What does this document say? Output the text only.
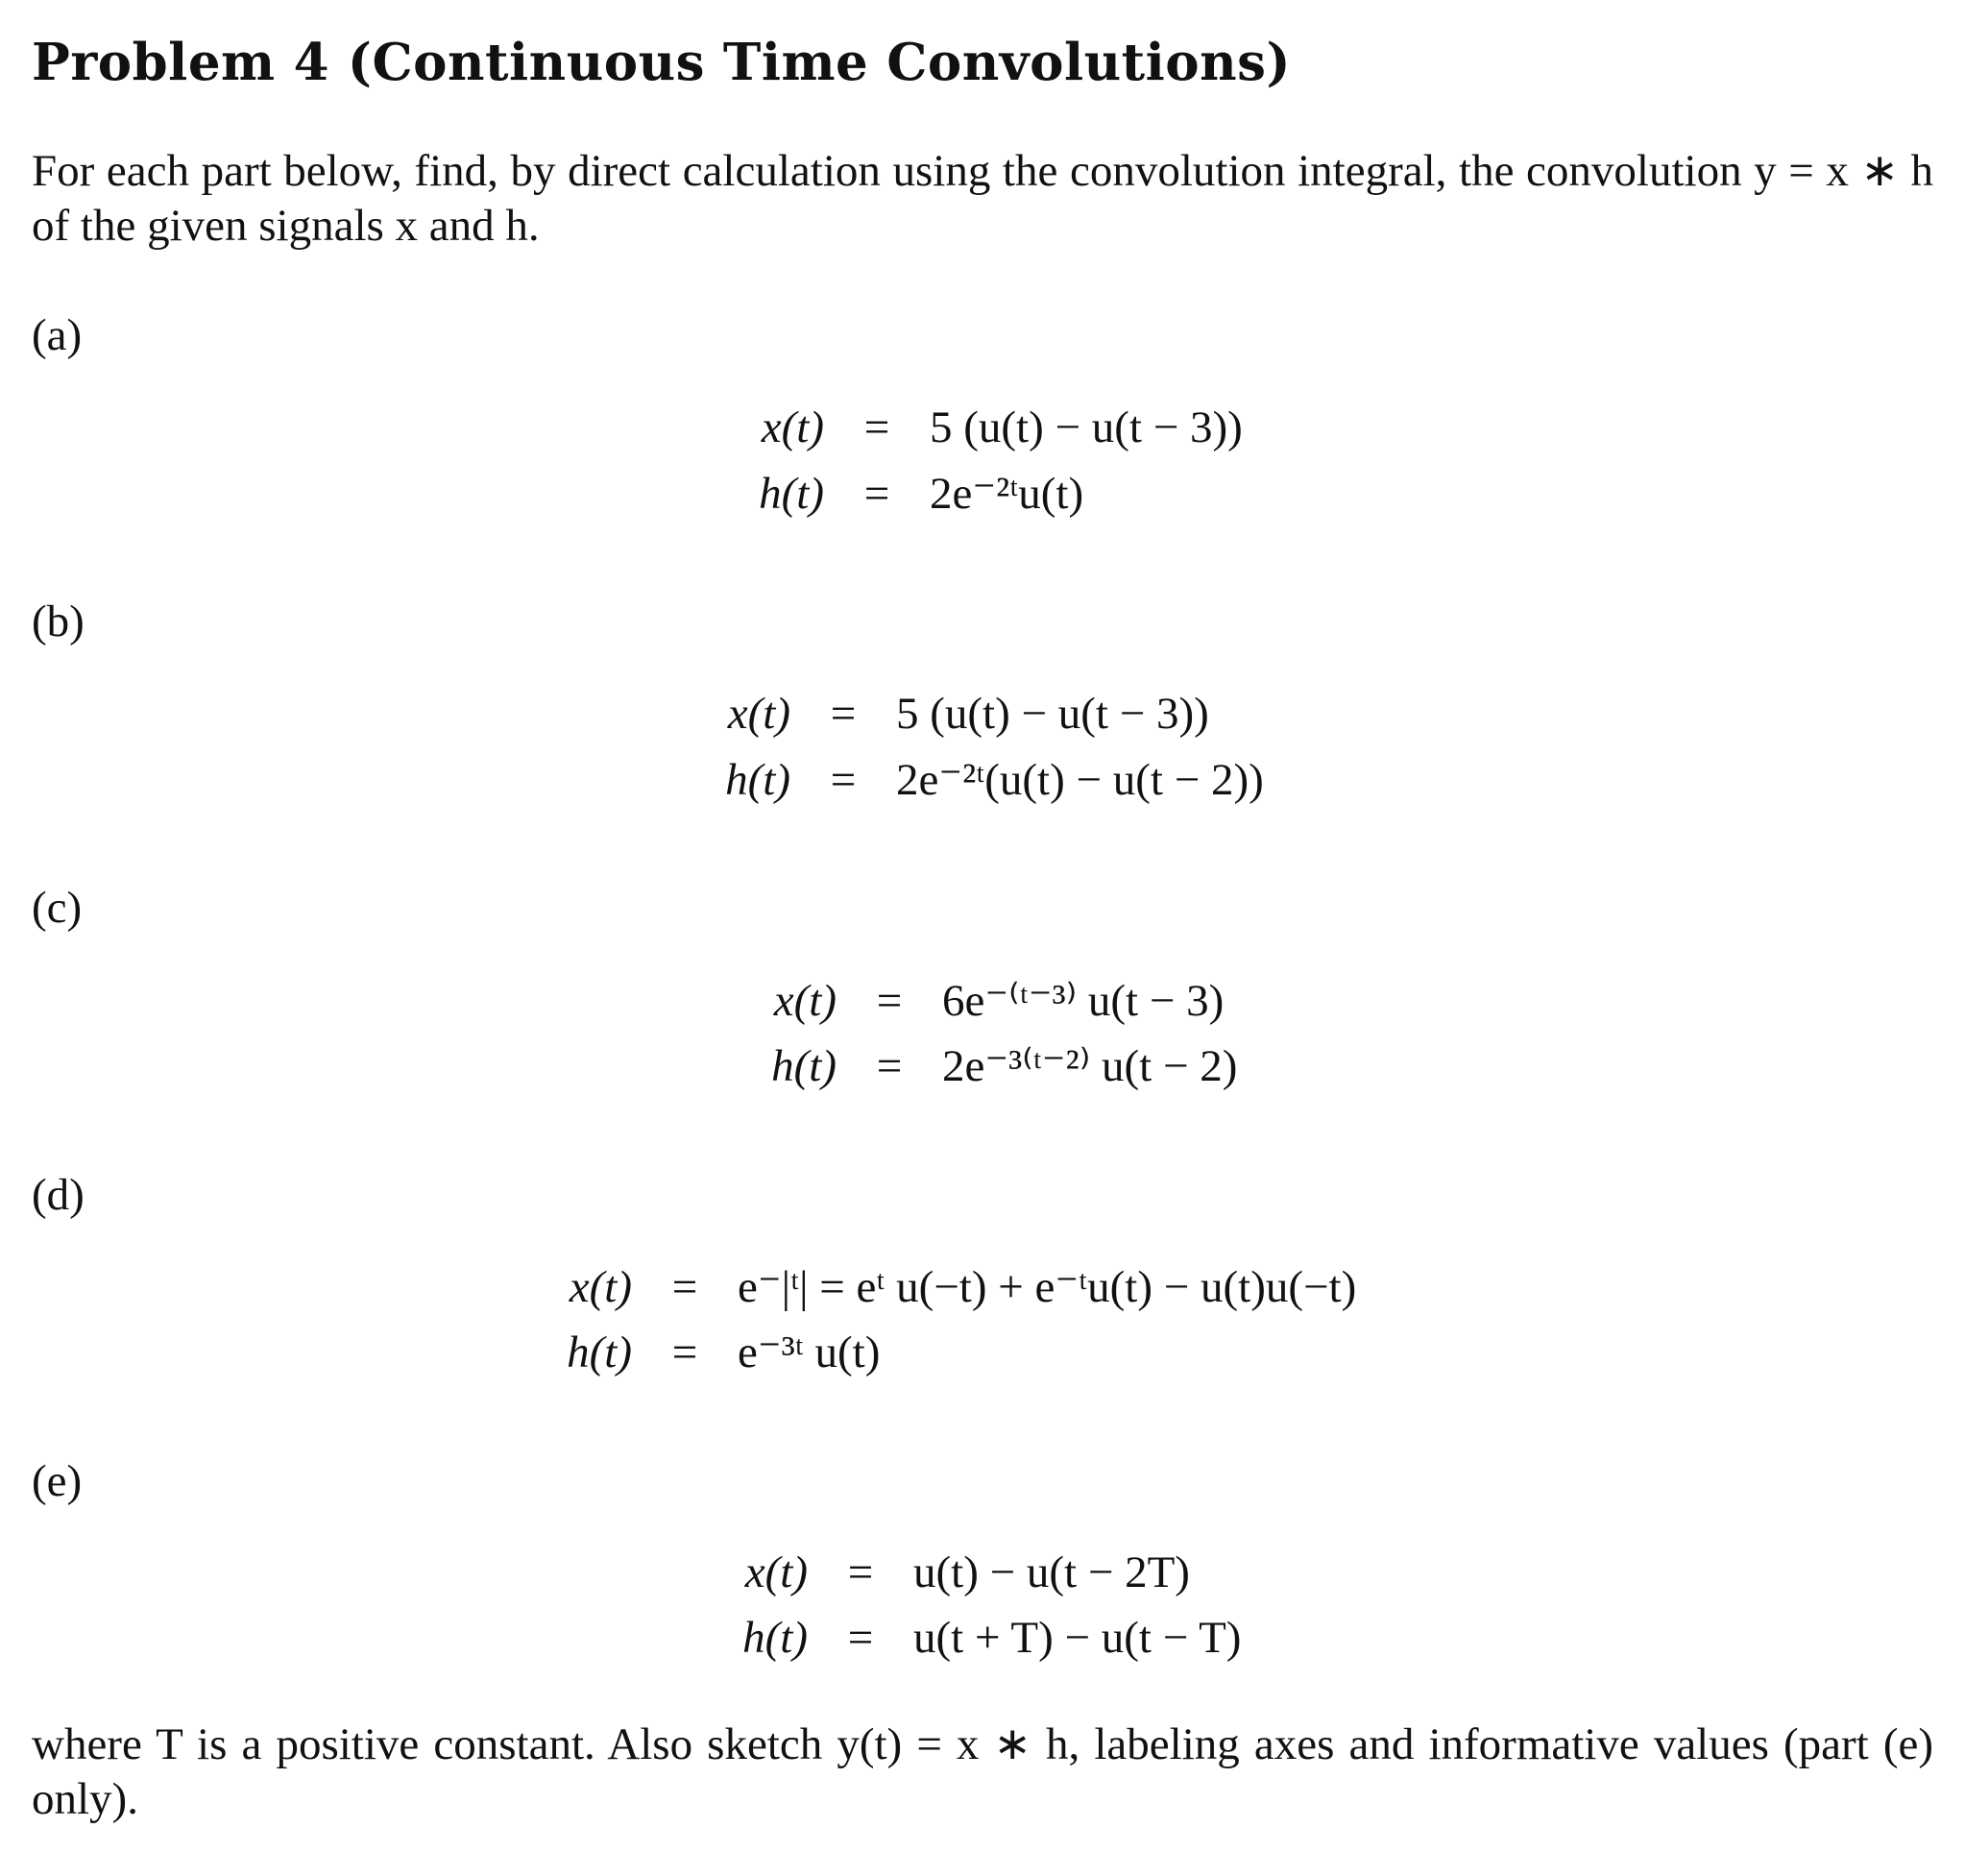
Problem 4 (Continuous Time Convolutions)
For each part below, find, by direct calculation using the convolution integral, the convolution y = x ∗ h of the given signals x and h.
(a)
x(t) = 5 (u(t) − u(t − 3))
h(t) = 2e⁻²ᵗu(t)
(b)
x(t) = 5 (u(t) − u(t − 3))
h(t) = 2e⁻²ᵗ(u(t) − u(t − 2))
(c)
x(t) = 6e⁻⁽ᵗ⁻³⁾ u(t − 3)
h(t) = 2e⁻³⁽ᵗ⁻²⁾ u(t − 2)
(d)
x(t) = e⁻|ᵗ| = eᵗ u(−t) + e⁻ᵗu(t) − u(t)u(−t)
h(t) = e⁻³ᵗ u(t)
(e)
x(t) = u(t) − u(t − 2T)
h(t) = u(t + T) − u(t − T)
where T is a positive constant. Also sketch y(t) = x ∗ h, labeling axes and informative values (part (e) only).
